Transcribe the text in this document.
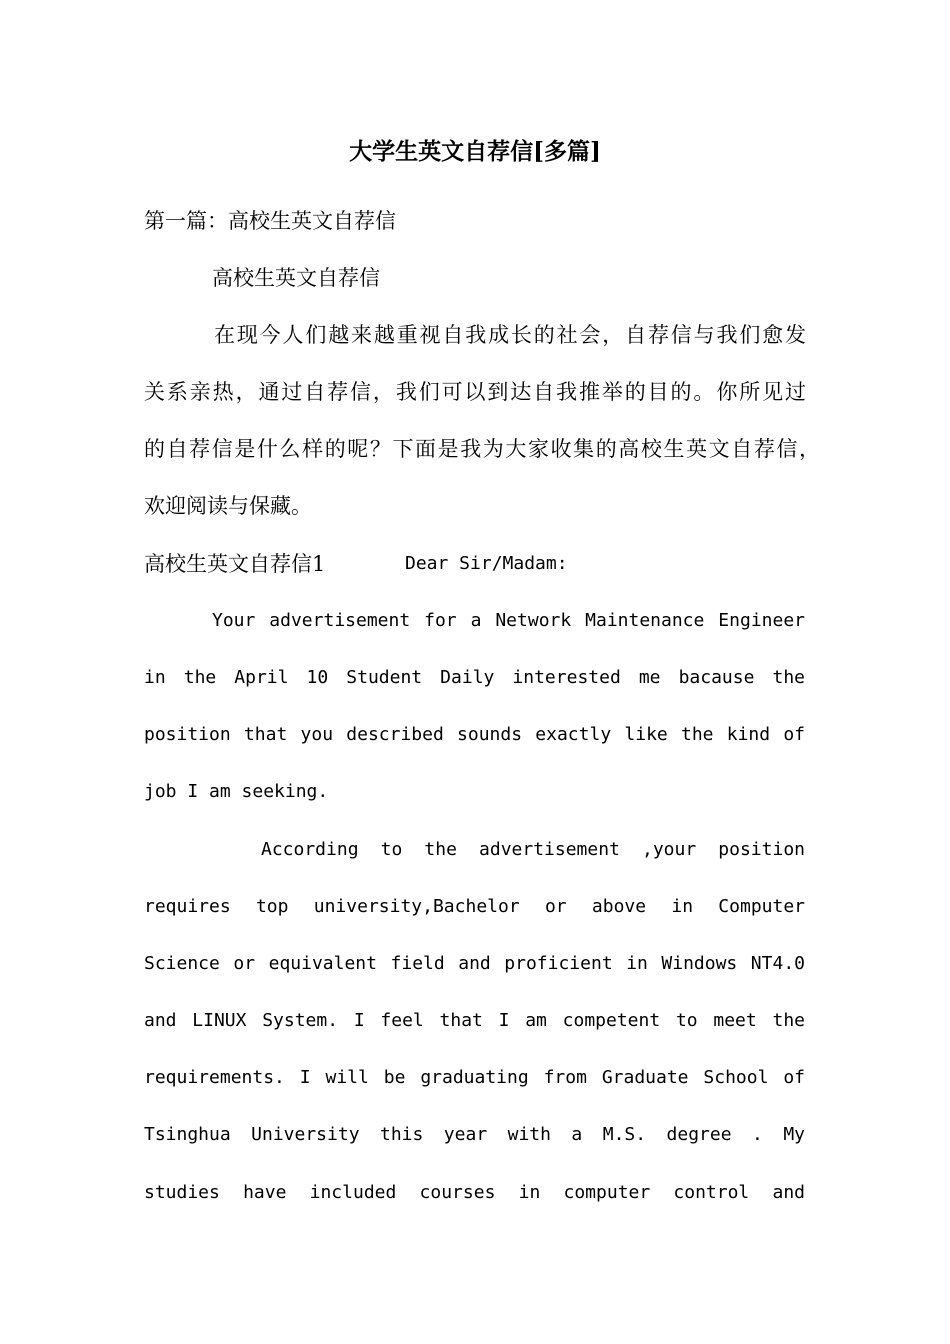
大学生英文自荐信[多篇]
第一篇：高校生英文自荐信
高校生英文自荐信
在现今人们越来越重视自我成长的社会，自荐信与我们愈发
关系亲热，通过自荐信，我们可以到达自我推举的目的。你所见过
的自荐信是什么样的呢？下面是我为大家收集的高校生英文自荐信，
欢迎阅读与保藏。
高校生英文自荐信1	Dear Sir/Madam:
Your advertisement for a Network Maintenance Engineer
in the April 10 Student Daily interested me bacause the
position that you described sounds exactly like the kind of
job I am seeking.
According to the advertisement ,your position
requires top university,Bachelor or above in Computer
Science or equivalent field and proficient in Windows NT4.0
and LINUX System. I feel that I am competent to meet the
requirements. I will be graduating from Graduate School of
Tsinghua University this year with a M.S. degree . My
studies have included courses in computer control and
